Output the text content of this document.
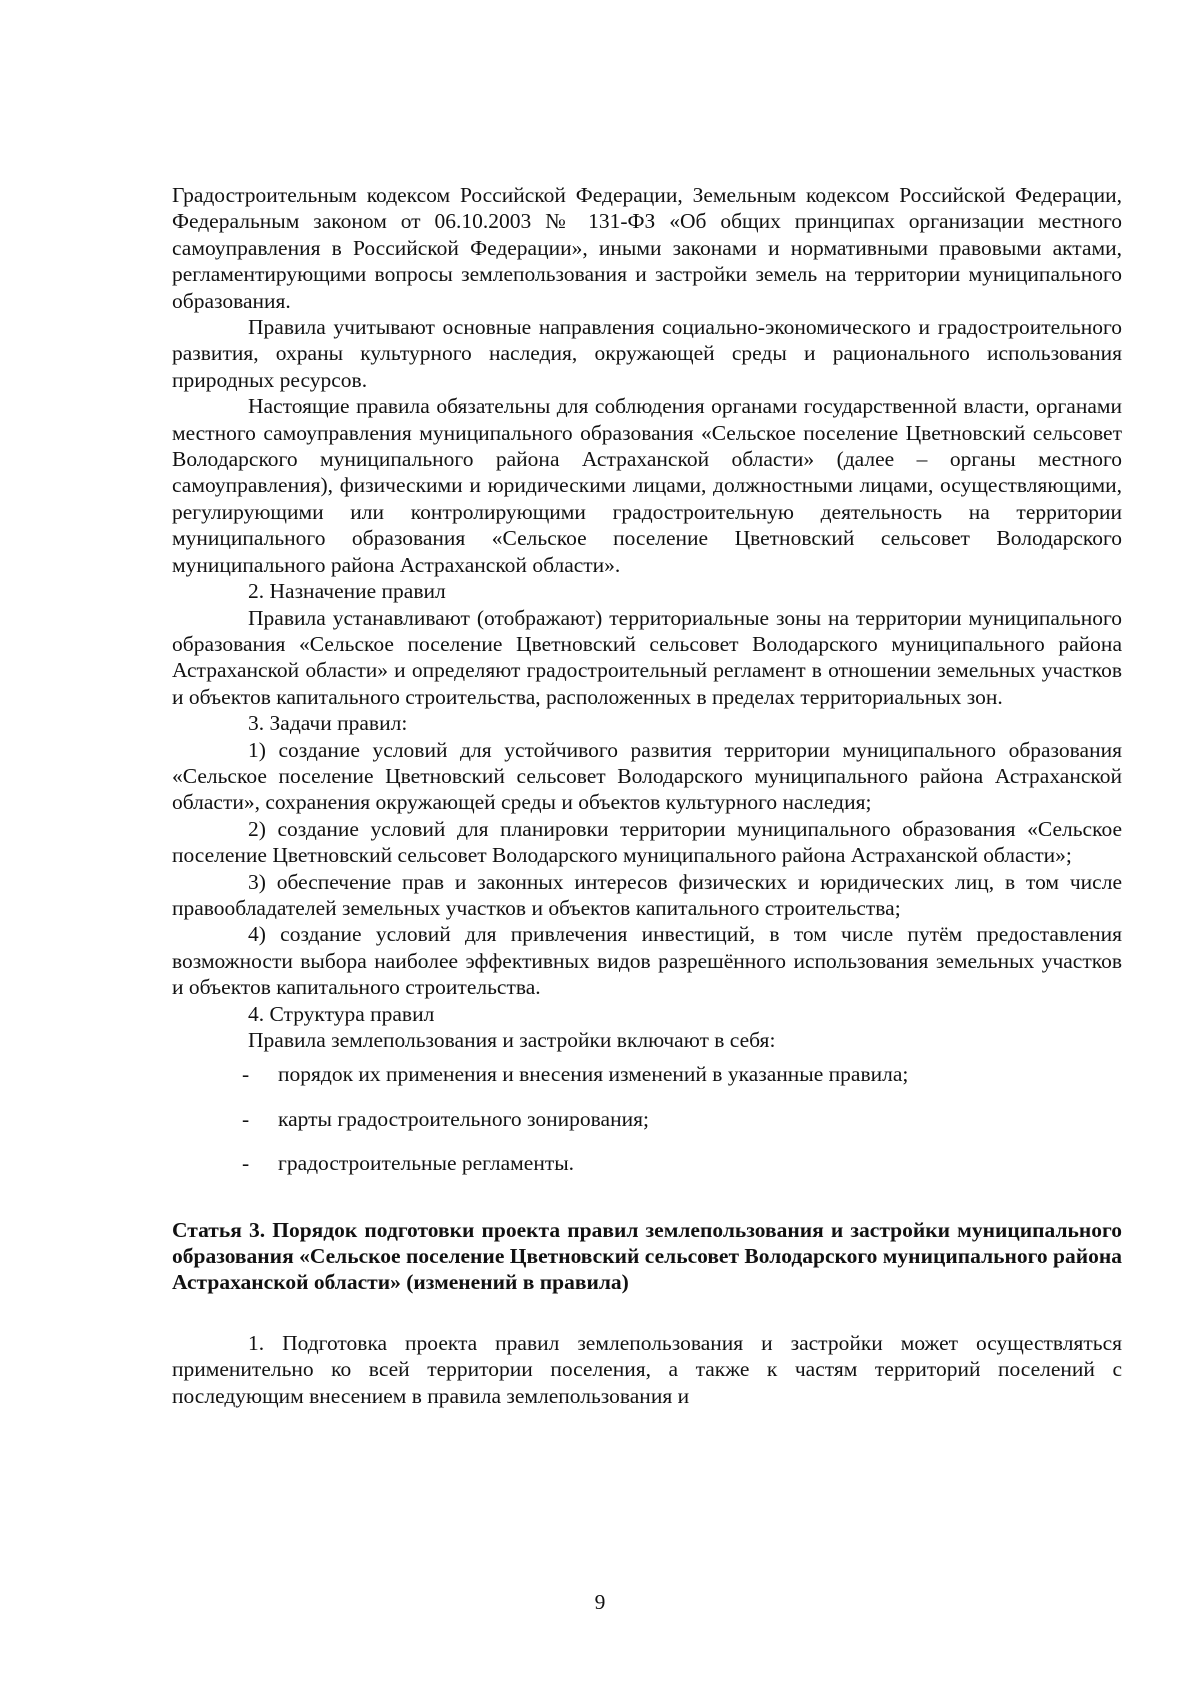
Градостроительным кодексом Российской Федерации, Земельным кодексом Российской Федерации, Федеральным законом от 06.10.2003 № 131-ФЗ «Об общих принципах организации местного самоуправления в Российской Федерации», иными законами и нормативными правовыми актами, регламентирующими вопросы землепользования и застройки земель на территории муниципального образования.

Правила учитывают основные направления социально-экономического и градостроительного развития, охраны культурного наследия, окружающей среды и рационального использования природных ресурсов.

Настоящие правила обязательны для соблюдения органами государственной власти, органами местного самоуправления муниципального образования «Сельское поселение Цветновский сельсовет Володарского муниципального района Астраханской области» (далее – органы местного самоуправления), физическими и юридическими лицами, должностными лицами, осуществляющими, регулирующими или контролирующими градостроительную деятельность на территории муниципального образования «Сельское поселение Цветновский сельсовет Володарского муниципального района Астраханской области».

2. Назначение правил

Правила устанавливают (отображают) территориальные зоны на территории муниципального образования «Сельское поселение Цветновский сельсовет Володарского муниципального района Астраханской области» и определяют градостроительный регламент в отношении земельных участков и объектов капитального строительства, расположенных в пределах территориальных зон.

3. Задачи правил:

1) создание условий для устойчивого развития территории муниципального образования «Сельское поселение Цветновский сельсовет Володарского муниципального района Астраханской области», сохранения окружающей среды и объектов культурного наследия;

2) создание условий для планировки территории муниципального образования «Сельское поселение Цветновский сельсовет Володарского муниципального района Астраханской области»;

3) обеспечение прав и законных интересов физических и юридических лиц, в том числе правообладателей земельных участков и объектов капитального строительства;

4) создание условий для привлечения инвестиций, в том числе путём предоставления возможности выбора наиболее эффективных видов разрешённого использования земельных участков и объектов капитального строительства.

4. Структура правил

Правила землепользования и застройки включают в себя:

- порядок их применения и внесения изменений в указанные правила;
- карты градостроительного зонирования;
- градостроительные регламенты.

Статья 3. Порядок подготовки проекта правил землепользования и застройки муниципального образования «Сельское поселение Цветновский сельсовет Володарского муниципального района Астраханской области» (изменений в правила)

1. Подготовка проекта правил землепользования и застройки может осуществляться применительно ко всей территории поселения, а также к частям территорий поселений с последующим внесением в правила землепользования и

9
